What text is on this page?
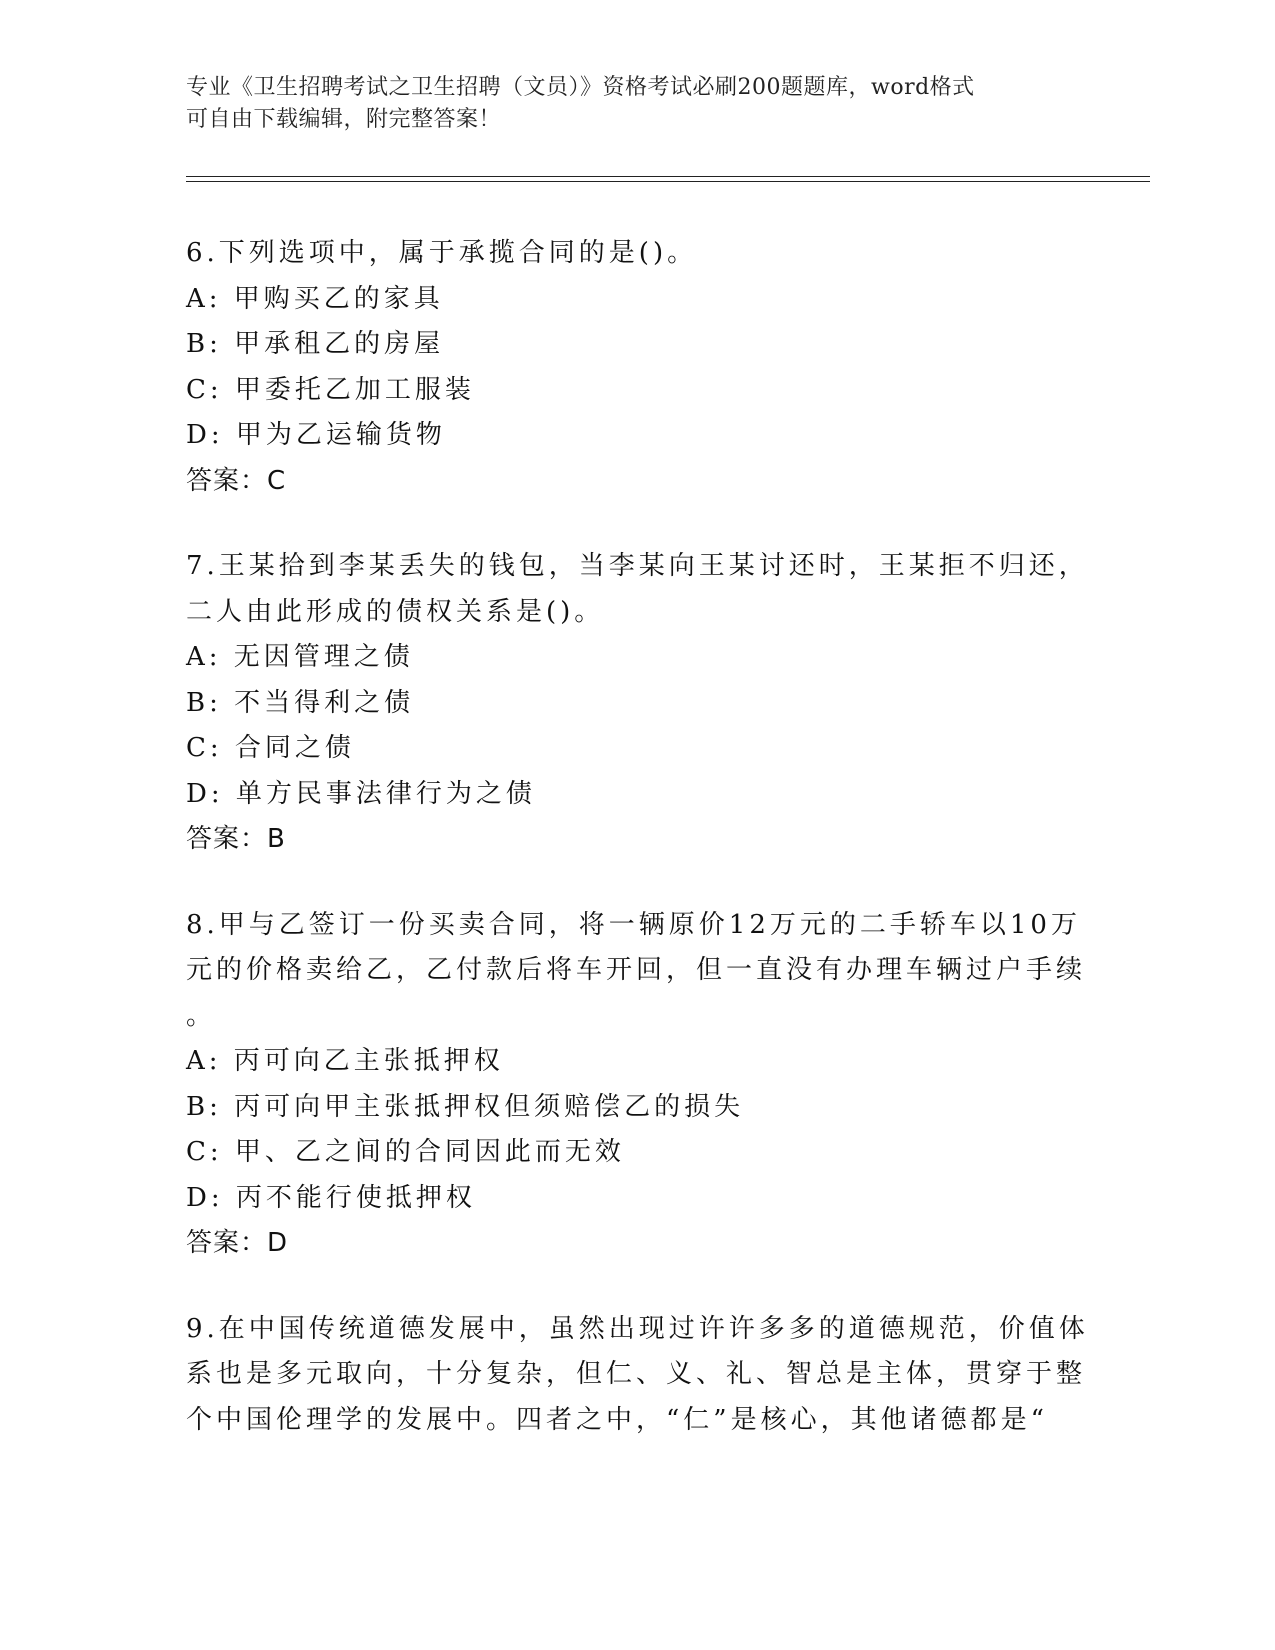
专业《卫生招聘考试之卫生招聘（文员）》资格考试必刷200题题库，word格式
可自由下载编辑，附完整答案！
6.下列选项中，属于承揽合同的是()。
A: 甲购买乙的家具
B: 甲承租乙的房屋
C: 甲委托乙加工服装
D: 甲为乙运输货物
答案：C
7.王某拾到李某丢失的钱包，当李某向王某讨还时，王某拒不归还，
二人由此形成的债权关系是()。
A: 无因管理之债
B: 不当得利之债
C: 合同之债
D: 单方民事法律行为之债
答案：B
8.甲与乙签订一份买卖合同，将一辆原价12万元的二手轿车以10万
元的价格卖给乙，乙付款后将车开回，但一直没有办理车辆过户手续
。
A: 丙可向乙主张抵押权
B: 丙可向甲主张抵押权但须赔偿乙的损失
C: 甲、乙之间的合同因此而无效
D: 丙不能行使抵押权
答案：D
9.在中国传统道德发展中，虽然出现过许许多多的道德规范，价值体
系也是多元取向，十分复杂，但仁、义、礼、智总是主体，贯穿于整
个中国伦理学的发展中。四者之中，“仁”是核心，其他诸德都是“
